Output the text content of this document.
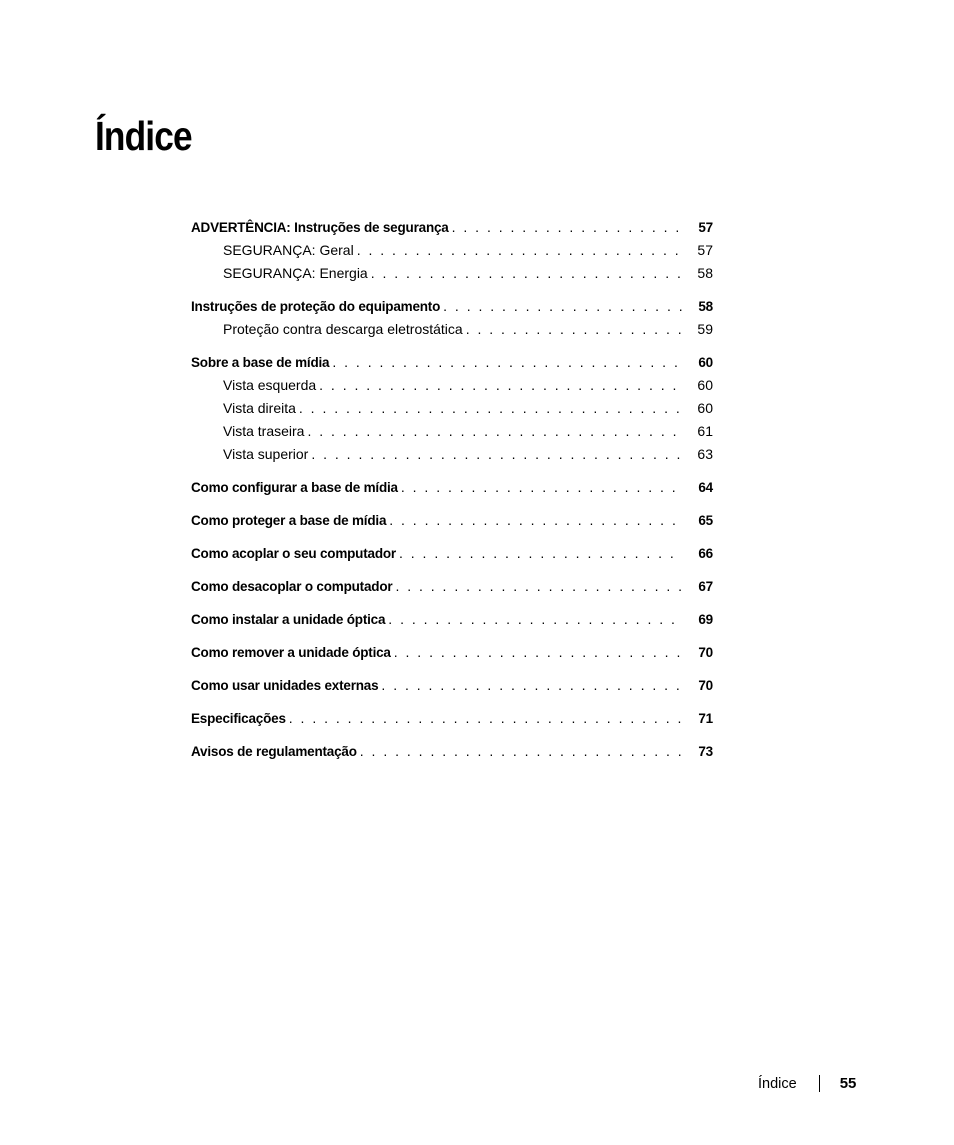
Índice
ADVERTÊNCIA: Instruções de segurança . . .	57
SEGURANÇA: Geral . . .	57
SEGURANÇA: Energia . . .	58
Instruções de proteção do equipamento . . .	58
Proteção contra descarga eletrostática . . .	59
Sobre a base de mídia . . .	60
Vista esquerda . . .	60
Vista direita . . .	60
Vista traseira . . .	61
Vista superior . . .	63
Como configurar a base de mídia . . .	64
Como proteger a base de mídia . . .	65
Como acoplar o seu computador . . .	66
Como desacoplar o computador . . .	67
Como instalar a unidade óptica . . .	69
Como remover a unidade óptica . . .	70
Como usar unidades externas . . .	70
Especificações . . .	71
Avisos de regulamentação . . .	73
Índice	55
